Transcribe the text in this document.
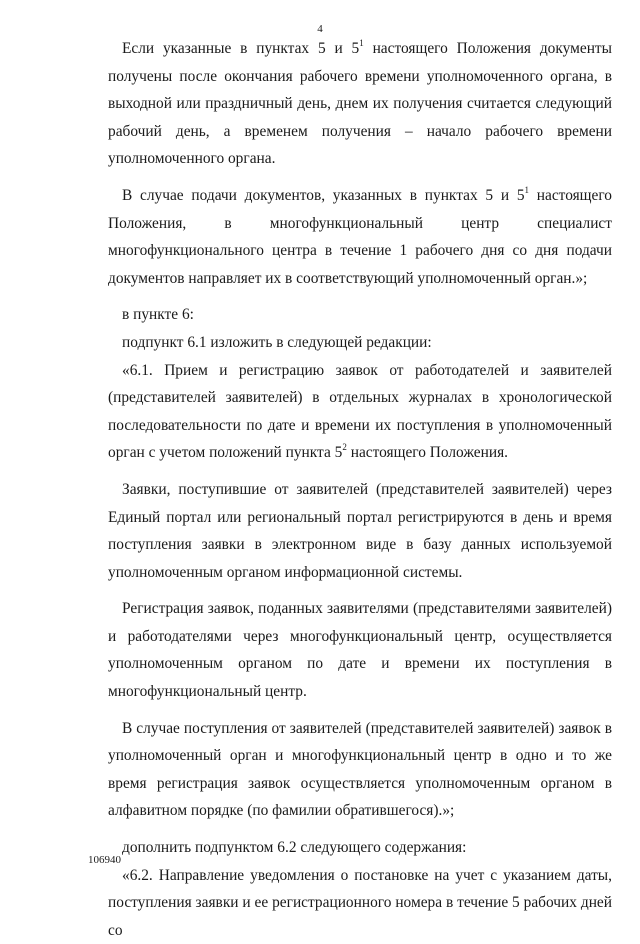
4

Если указанные в пунктах 5 и $5^1$ настоящего Положения документы получены после окончания рабочего времени уполномоченного органа, в выходной или праздничный день, днем их получения считается следующий рабочий день, а временем получения – начало рабочего времени уполномоченного органа.

В случае подачи документов, указанных в пунктах 5 и $5^1$ настоящего Положения, в многофункциональный центр специалист многофункционального центра в течение 1 рабочего дня со дня подачи документов направляет их в соответствующий уполномоченный орган.»;

в пункте 6:

подпункт 6.1 изложить в следующей редакции:

«6.1. Прием и регистрацию заявок от работодателей и заявителей (представителей заявителей) в отдельных журналах в хронологической последовательности по дате и времени их поступления в уполномоченный орган с учетом положений пункта $5^2$ настоящего Положения.

Заявки, поступившие от заявителей (представителей заявителей) через Единый портал или региональный портал регистрируются в день и время поступления заявки в электронном виде в базу данных используемой уполномоченным органом информационной системы.

Регистрация заявок, поданных заявителями (представителями заявителей) и работодателями через многофункциональный центр, осуществляется уполномоченным органом по дате и времени их поступления в многофункциональный центр.

В случае поступления от заявителей (представителей заявителей) заявок в уполномоченный орган и многофункциональный центр в одно и то же время регистрация заявок осуществляется уполномоченным органом в алфавитном порядке (по фамилии обратившегося).»;

дополнить подпунктом 6.2 следующего содержания:

«6.2. Направление уведомления о постановке на учет с указанием даты, поступления заявки и ее регистрационного номера в течение 5 рабочих дней со

106940
